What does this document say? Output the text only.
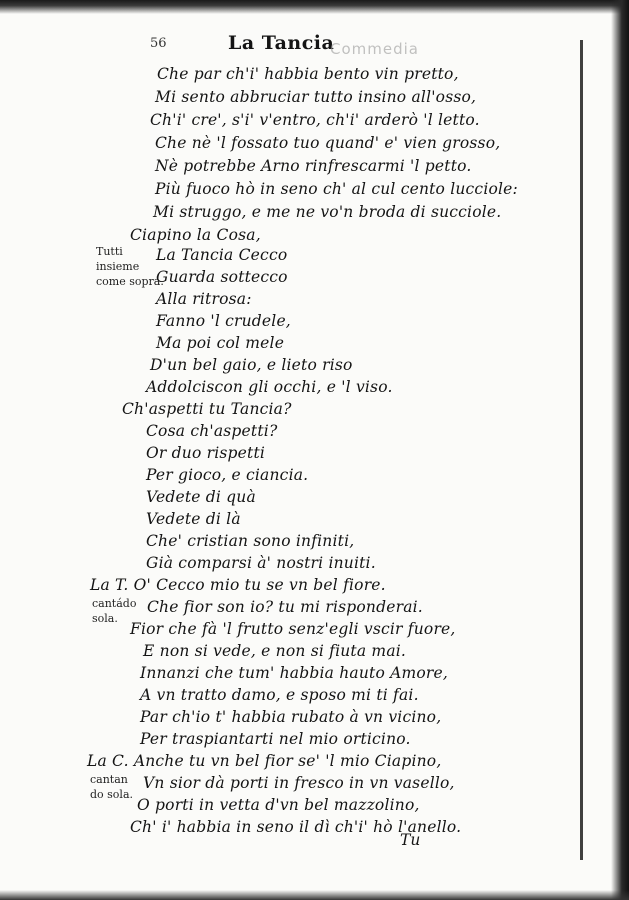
56	La Tancia
Commedia
Che par ch'i' habbia bento vin pretto,
Mi sento abbruciar tutto insino all'osso,
Ch'i' cre', s'i' v'entro, ch'i' arderò 'l letto.
Che nè 'l fossato tuo quand' e' vien grosso,
Nè potrebbe Arno rinfrescarmi 'l petto.
Più fuoco hò in seno ch' al cul cento lucciole:
Mi struggo, e me ne vo'n broda di succiole.
Ciapino la Cosa,
Tutti
insieme
come sopra.
La Tancia Cecco
Guarda sottecco
Alla ritrosa:
Fanno 'l crudele,
Ma poi col mele
D'un bel gaio, e lieto riso
Addolciscon gli occhi, e 'l viso.
Ch'aspetti tu Tancia?
Cosa ch'aspetti?
Or duo rispetti
Per gioco, e ciancia.
Vedete di quà
Vedete di là
Che' cristian sono infiniti,
Già comparsi à' nostri inuiti.
La T. O' Cecco mio tu se vn bel fiore.
cantádo
sola.
Che fior son io? tu mi risponderai.
Fior che fà 'l frutto senz'egli vscir fuore,
E non si vede, e non si fiuta mai.
Innanzi che tum' habbia hauto Amore,
A vn tratto damo, e sposo mi ti fai.
Par ch'io t' habbia rubato à vn vicino,
Per traspiantarti nel mio orticino.
La C. Anche tu vn bel fior se' 'l mio Ciapino,
cantan
do sola.
Vn sior dà porti in fresco in vn vasello,
O porti in vetta d'vn bel mazzolino,
Ch' i' habbia in seno il dì ch'i' hò l'anello.
Tu
